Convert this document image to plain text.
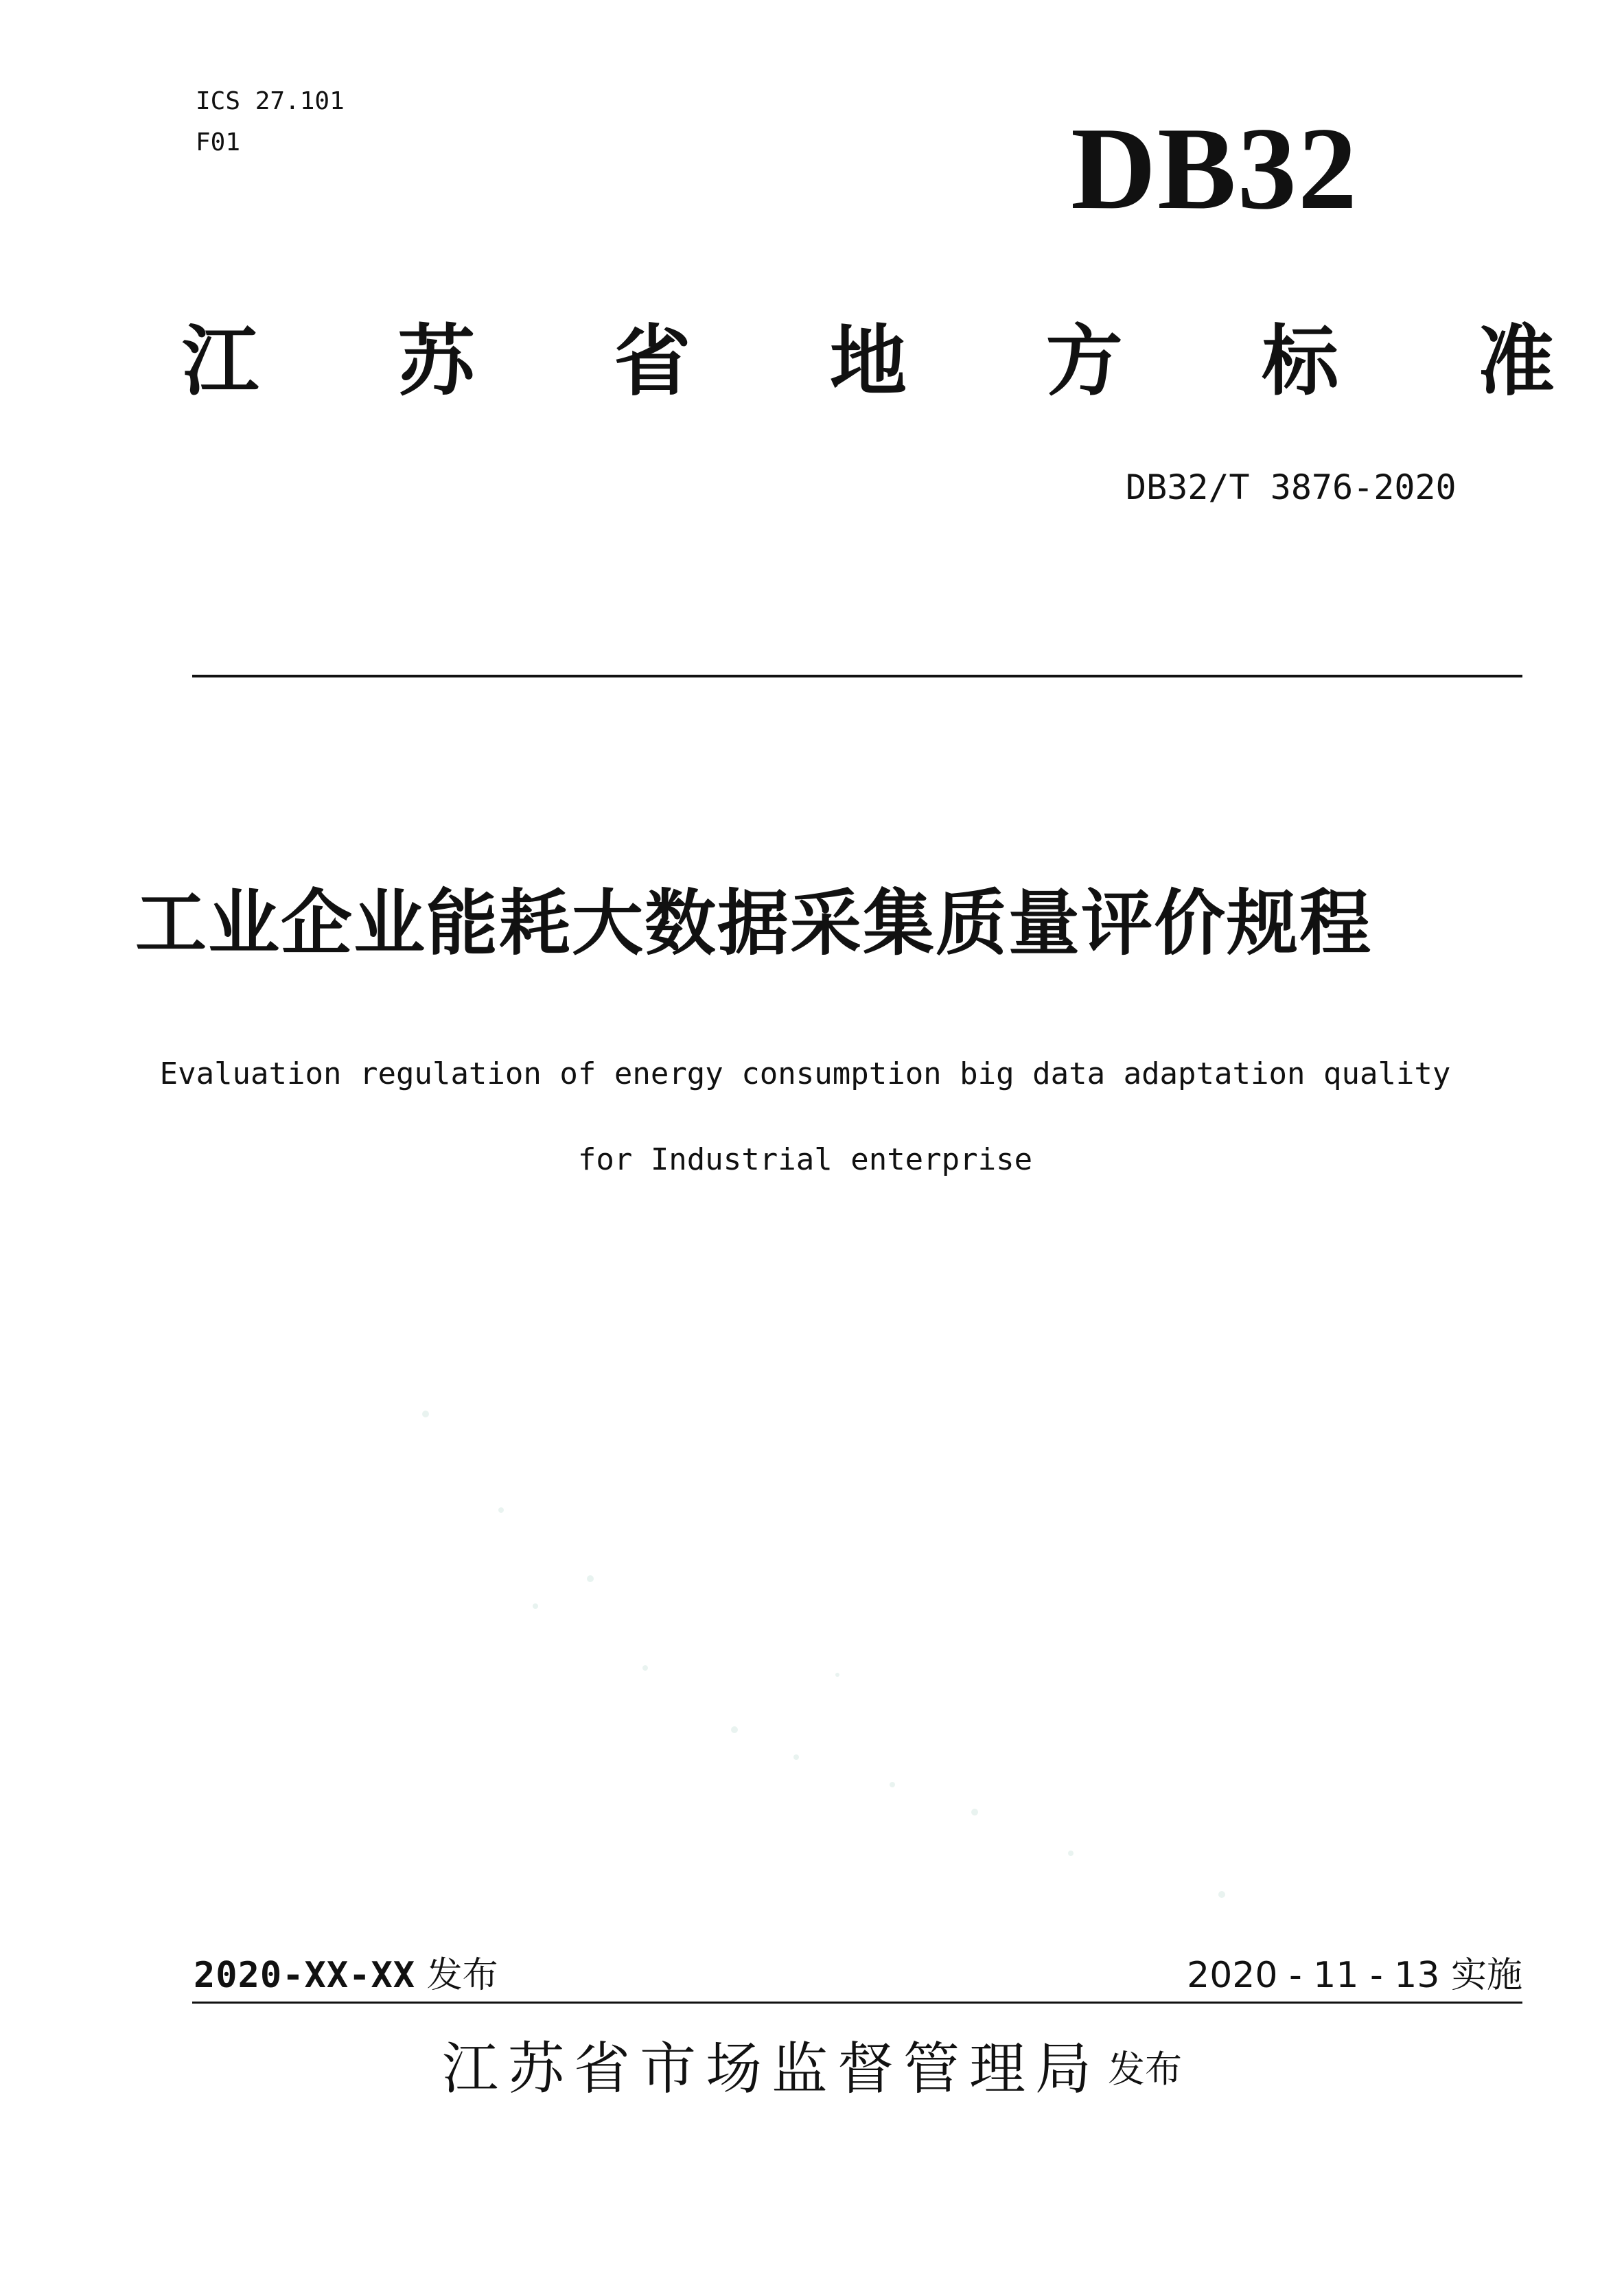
ICS 27.101
F01	DB32
江 苏 省 地 方 标 准
DB32/T 3876-2020
工业企业能耗大数据采集质量评价规程
Evaluation regulation of energy consumption big data adaptation quality
for Industrial enterprise
2020-XX-XX 发布	2020 - 11 - 13 实施
江苏省市场监督管理局 发布
